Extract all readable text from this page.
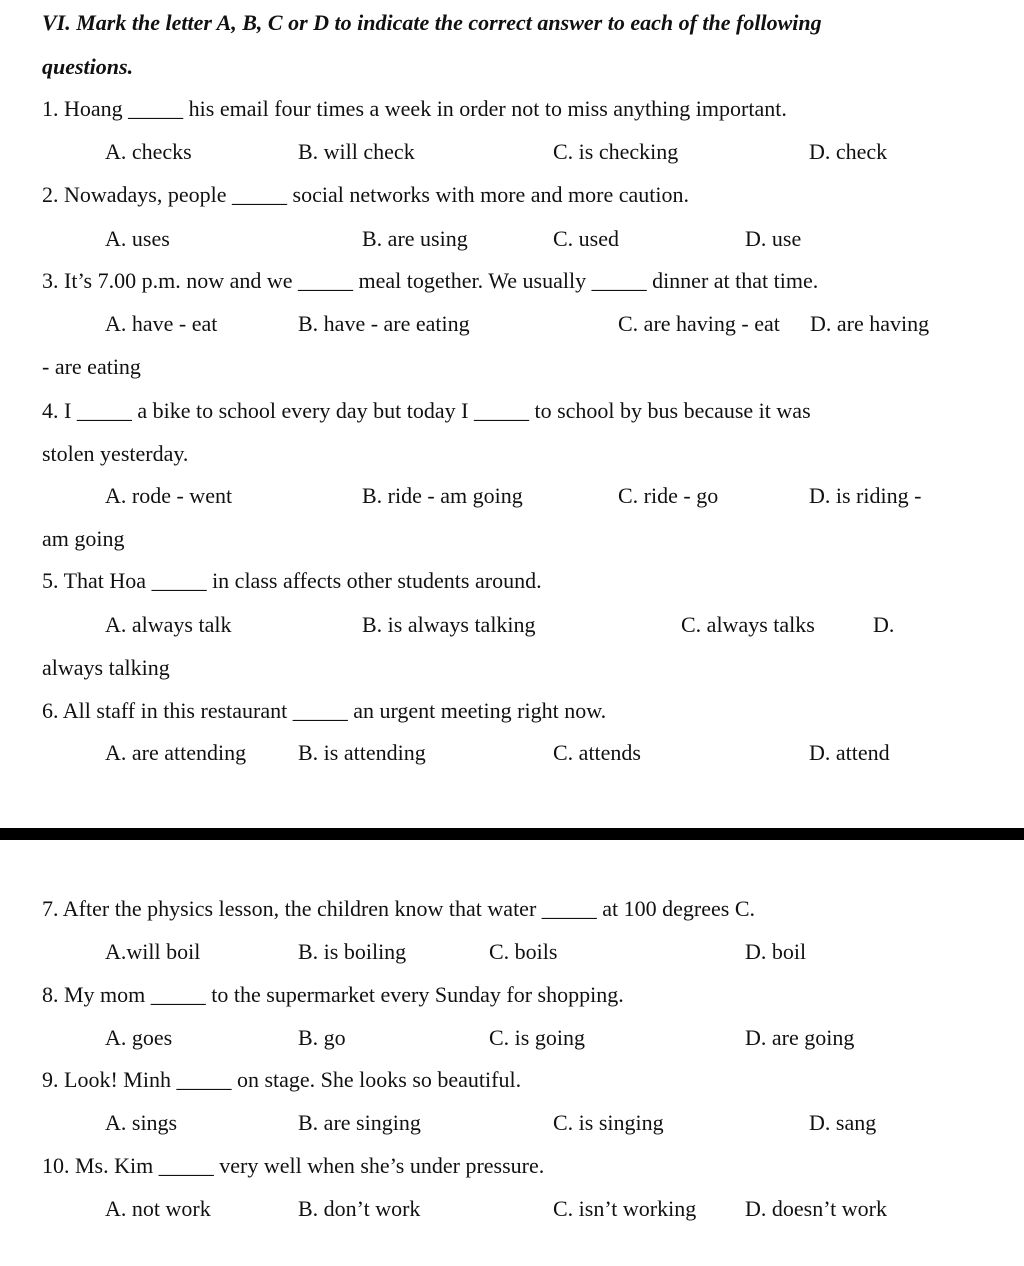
VI. Mark the letter A, B, C or D to indicate the correct answer to each of the following
questions.
1. Hoang _____ his email four times a week in order not to miss anything important.
A. checks	B. will check	C. is checking	D. check
2. Nowadays, people _____ social networks with more and more caution.
A. uses	B. are using	C. used	D. use
3. It’s 7.00 p.m. now and we _____ meal together. We usually _____ dinner at that time.
A. have - eat	B. have - are eating	C. are having - eat D. are having
- are eating
4. I _____ a bike to school every day but today I _____ to school by bus because it was
stolen yesterday.
A. rode - went	B. ride - am going	C. ride - go	D. is riding -
am going
5. That Hoa _____ in class affects other students around.
A. always talk	B. is always talking	C. always talks	D.
always talking
6. All staff in this restaurant _____ an urgent meeting right now.
A. are attending B. is attending	C. attends	D. attend
7. After the physics lesson, the children know that water _____ at 100 degrees C.
A.will boil	B. is boiling	C. boils	D. boil
8. My mom _____ to the supermarket every Sunday for shopping.
A. goes	B. go	C. is going	D. are going
9. Look! Minh _____ on stage. She looks so beautiful.
A. sings	B. are singing	C. is singing	D. sang
10. Ms. Kim _____ very well when she’s under pressure.
A. not work	B. don’t work	C. isn’t working D. doesn’t work
